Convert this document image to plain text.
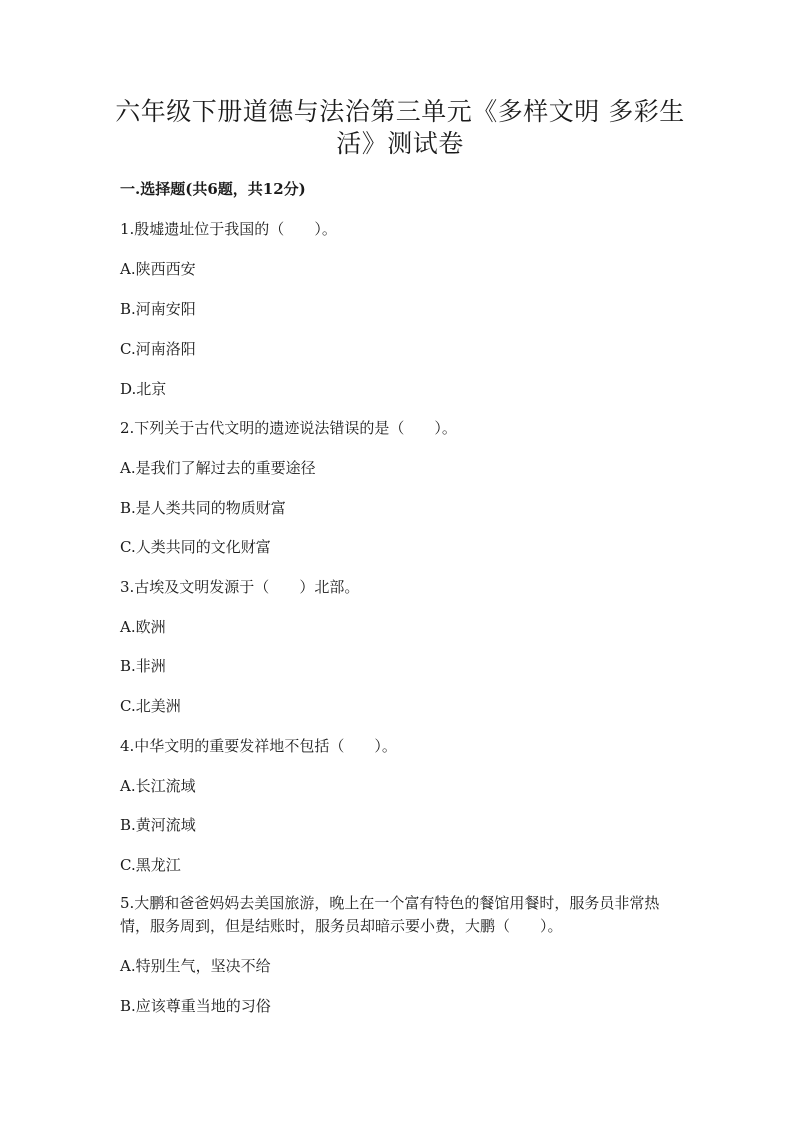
六年级下册道德与法治第三单元《多样文明 多彩生活》测试卷
一.选择题(共6题，共12分)
1.殷墟遗址位于我国的（　　）。
A.陕西西安
B.河南安阳
C.河南洛阳
D.北京
2.下列关于古代文明的遗迹说法错误的是（　　）。
A.是我们了解过去的重要途径
B.是人类共同的物质财富
C.人类共同的文化财富
3.古埃及文明发源于（　　）北部。
A.欧洲
B.非洲
C.北美洲
4.中华文明的重要发祥地不包括（　　）。
A.长江流域
B.黄河流域
C.黑龙江
5.大鹏和爸爸妈妈去美国旅游，晚上在一个富有特色的餐馆用餐时，服务员非常热情，服务周到，但是结账时，服务员却暗示要小费，大鹏（　　）。
A.特别生气，坚决不给
B.应该尊重当地的习俗
